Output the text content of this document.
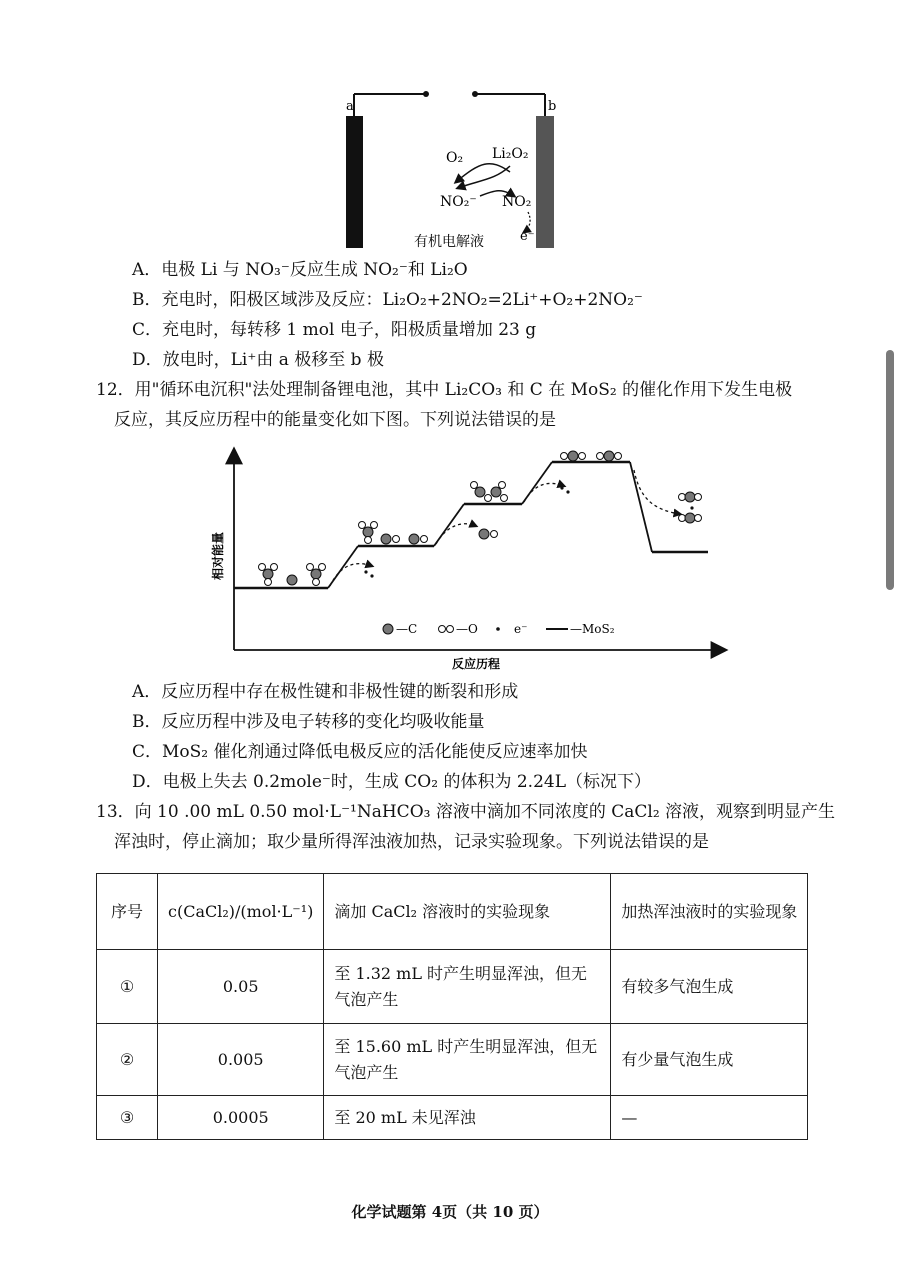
a	b
O₂ Li₂O₂
NO₂⁻ NO₂
e⁻
有机电解液
A．电极 Li 与 NO₃⁻反应生成 NO₂⁻和 Li₂O
B．充电时，阳极区域涉及反应：Li₂O₂+2NO₂=2Li⁺+O₂+2NO₂⁻
C．充电时，每转移 1 mol 电子，阳极质量增加 23 g
D．放电时，Li⁺由 a 极移至 b 极
12．用"循环电沉积"法处理制备锂电池，其中 Li₂CO₃ 和 C 在 MoS₂ 的催化作用下发生电极
反应，其反应历程中的能量变化如下图。下列说法错误的是
相对能量
反应历程
—C	—O	e⁻	—MoS₂
A．反应历程中存在极性键和非极性键的断裂和形成
B．反应历程中涉及电子转移的变化均吸收能量
C．MoS₂ 催化剂通过降低电极反应的活化能使反应速率加快
D．电极上失去 0.2mole⁻时，生成 CO₂ 的体积为 2.24L（标况下）
13．向 10 .00 mL 0.50 mol·L⁻¹NaHCO₃ 溶液中滴加不同浓度的 CaCl₂ 溶液，观察到明显产生
浑浊时，停止滴加；取少量所得浑浊液加热，记录实验现象。下列说法错误的是
序号	c(CaCl₂)/(mol·L⁻¹)	滴加 CaCl₂ 溶液时的实验现象	加热浑浊液时的实验现象
①	0.05	至 1.32 mL 时产生明显浑浊，但无气泡产生	有较多气泡生成
②	0.005	至 15.60 mL 时产生明显浑浊，但无气泡产生	有少量气泡生成
③	0.0005	至 20 mL 未见浑浊	—
化学试题第 4页（共 10 页）
